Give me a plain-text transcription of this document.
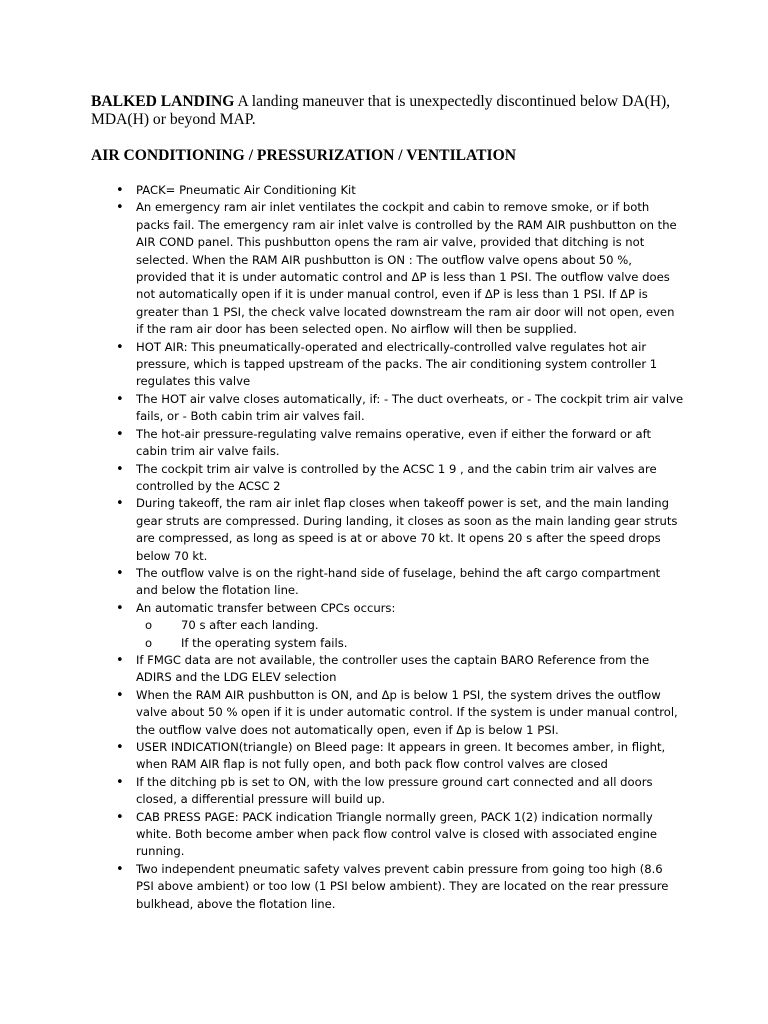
BALKED LANDING A landing maneuver that is unexpectedly discontinued below DA(H), MDA(H) or beyond MAP.

AIR CONDITIONING / PRESSURIZATION / VENTILATION
• PACK= Pneumatic Air Conditioning Kit
• An emergency ram air inlet ventilates the cockpit and cabin to remove smoke, or if both packs fail. The emergency ram air inlet valve is controlled by the RAM AIR pushbutton on the AIR COND panel. This pushbutton opens the ram air valve, provided that ditching is not selected. When the RAM AIR pushbutton is ON : The outflow valve opens about 50 %, provided that it is under automatic control and ΔP is less than 1 PSI. The outflow valve does not automatically open if it is under manual control, even if ΔP is less than 1 PSI. If ΔP is greater than 1 PSI, the check valve located downstream the ram air door will not open, even if the ram air door has been selected open. No airflow will then be supplied.
• HOT AIR: This pneumatically-operated and electrically-controlled valve regulates hot air pressure, which is tapped upstream of the packs. The air conditioning system controller 1 regulates this valve
• The HOT air valve closes automatically, if: - The duct overheats, or - The cockpit trim air valve fails, or - Both cabin trim air valves fail.
• The hot-air pressure-regulating valve remains operative, even if either the forward or aft cabin trim air valve fails.
• The cockpit trim air valve is controlled by the ACSC 1 9 , and the cabin trim air valves are controlled by the ACSC 2
• During takeoff, the ram air inlet flap closes when takeoff power is set, and the main landing gear struts are compressed. During landing, it closes as soon as the main landing gear struts are compressed, as long as speed is at or above 70 kt. It opens 20 s after the speed drops below 70 kt.
• The outflow valve is on the right-hand side of fuselage, behind the aft cargo compartment and below the flotation line.
• An automatic transfer between CPCs occurs:
o 70 s after each landing.
o If the operating system fails.
• If FMGC data are not available, the controller uses the captain BARO Reference from the ADIRS and the LDG ELEV selection
• When the RAM AIR pushbutton is ON, and Δp is below 1 PSI, the system drives the outflow valve about 50 % open if it is under automatic control. If the system is under manual control, the outflow valve does not automatically open, even if Δp is below 1 PSI.
• USER INDICATION(triangle) on Bleed page: It appears in green. It becomes amber, in flight, when RAM AIR flap is not fully open, and both pack flow control valves are closed
• If the ditching pb is set to ON, with the low pressure ground cart connected and all doors closed, a differential pressure will build up.
• CAB PRESS PAGE: PACK indication Triangle normally green, PACK 1(2) indication normally white. Both become amber when pack flow control valve is closed with associated engine running.
• Two independent pneumatic safety valves prevent cabin pressure from going too high (8.6 PSI above ambient) or too low (1 PSI below ambient). They are located on the rear pressure bulkhead, above the flotation line.
